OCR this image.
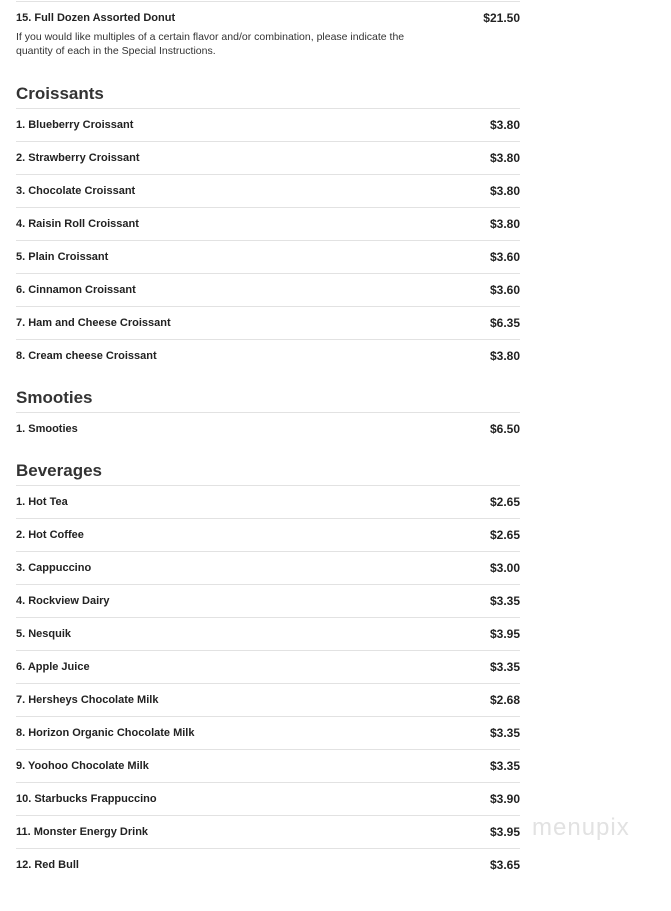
15. Full Dozen Assorted Donut	$21.50
If you would like multiples of a certain flavor and/or combination, please indicate the quantity of each in the Special Instructions.
Croissants
1. Blueberry Croissant	$3.80
2. Strawberry Croissant	$3.80
3. Chocolate Croissant	$3.80
4. Raisin Roll Croissant	$3.80
5. Plain Croissant	$3.60
6. Cinnamon Croissant	$3.60
7. Ham and Cheese Croissant	$6.35
8. Cream cheese Croissant	$3.80
Smooties
1. Smooties	$6.50
Beverages
1. Hot Tea	$2.65
2. Hot Coffee	$2.65
3. Cappuccino	$3.00
4. Rockview Dairy	$3.35
5. Nesquik	$3.95
6. Apple Juice	$3.35
7. Hersheys Chocolate Milk	$2.68
8. Horizon Organic Chocolate Milk	$3.35
9. Yoohoo Chocolate Milk	$3.35
10. Starbucks Frappuccino	$3.90
11. Monster Energy Drink	$3.95
12. Red Bull	$3.65
menupix
